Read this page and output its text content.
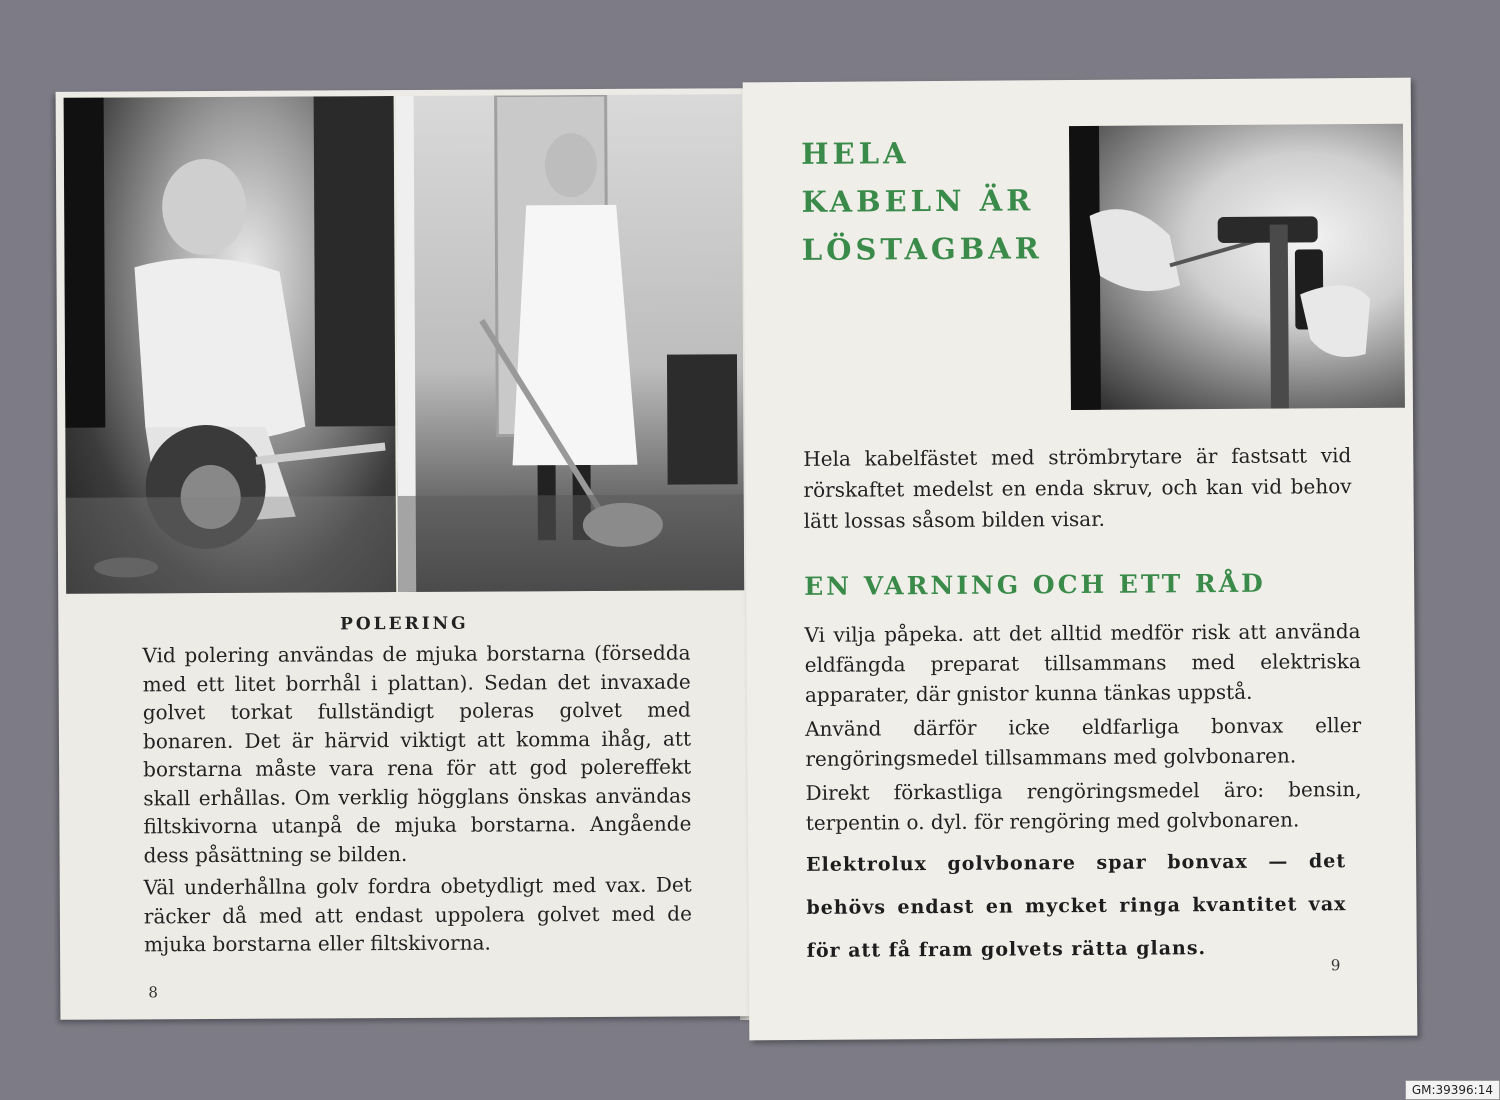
POLERING

Vid polering användas de mjuka borstarna (försedda med ett litet borrhål i plattan). Sedan det invaxade golvet torkat fullständigt poleras golvet med bonaren. Det är härvid viktigt att komma ihåg, att borstarna måste vara rena för att god polereffekt skall erhållas. Om verklig högglans önskas användas filtskivorna utanpå de mjuka borstarna. Angående dess påsättning se bilden.

Väl underhållna golv fordra obetydligt med vax. Det räcker då med att endast uppolera golvet med de mjuka borstarna eller filtskivorna.

8
HELA
KABELN ÄR
LÖSTAGBAR
Hela kabelfästet med strömbrytare är fastsatt vid rörskaftet medelst en enda skruv, och kan vid behov lätt lossas såsom bilden visar.
EN VARNING OCH ETT RÅD

Vi vilja påpeka. att det alltid medför risk att använda eldfängda preparat tillsammans med elektriska apparater, där gnistor kunna tänkas uppstå.

Använd därför icke eldfarliga bonvax eller rengöringsmedel tillsammans med golvbonaren.

Direkt förkastliga rengöringsmedel äro: bensin, terpentin o. dyl. för rengöring med golvbonaren.

Elektrolux golvbonare spar bonvax — det behövs endast en mycket ringa kvantitet vax för att få fram golvets rätta glans.
9
GM:39396:14
